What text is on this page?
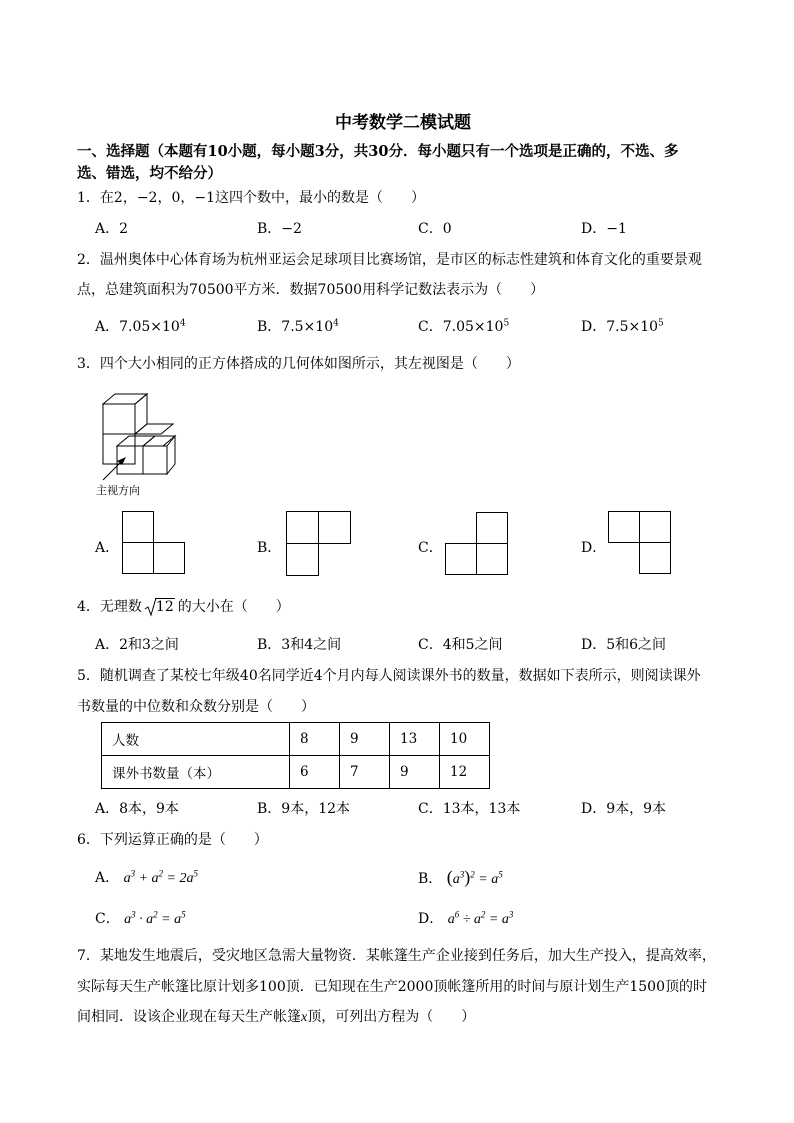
中考数学二模试题
一、选择题（本题有10小题，每小题3分，共30分．每小题只有一个选项是正确的，不选、多
选、错选，均不给分）
1．在2，−2，0，−1这四个数中，最小的数是（　　）
A．2	B．−2	C．0	D．−1
2．温州奥体中心体育场为杭州亚运会足球项目比赛场馆，是市区的标志性建筑和体育文化的重要景观
点，总建筑面积为70500平方米．数据70500用科学记数法表示为（　　）
A．$7.05\times 10^4$	B．$7.5\times 10^4$	C．$7.05\times 10^5$	D．$7.5\times 10^5$
3．四个大小相同的正方体搭成的几何体如图所示，其左视图是（　　）
主视方向
A．	B．	C．	D．
4．无理数 12 的大小在（　　）
A．2和3之间	B．3和4之间	C．4和5之间	D．5和6之间
5．随机调查了某校七年级40名同学近4个月内每人阅读课外书的数量，数据如下表所示，则阅读课外
书数量的中位数和众数分别是（　　）
人数	8	9	13	10
课外书数量（本）	6	7	9	12
A．8本，9本	B．9本，12本	C．13本，13本	D．9本，9本
6．下列运算正确的是（　　）
A． $a^3 + a^2 = 2a^5$	B． $(a^3)^2 = a^5$
C． $a^3 \cdot a^2 = a^5$	D． $a^6 \div a^2 = a^3$
7．某地发生地震后，受灾地区急需大量物资．某帐篷生产企业接到任务后，加大生产投入，提高效率，
实际每天生产帐篷比原计划多100顶．已知现在生产2000顶帐篷所用的时间与原计划生产1500顶的时
间相同．设该企业现在每天生产帐篷x顶，可列出方程为（　　）
